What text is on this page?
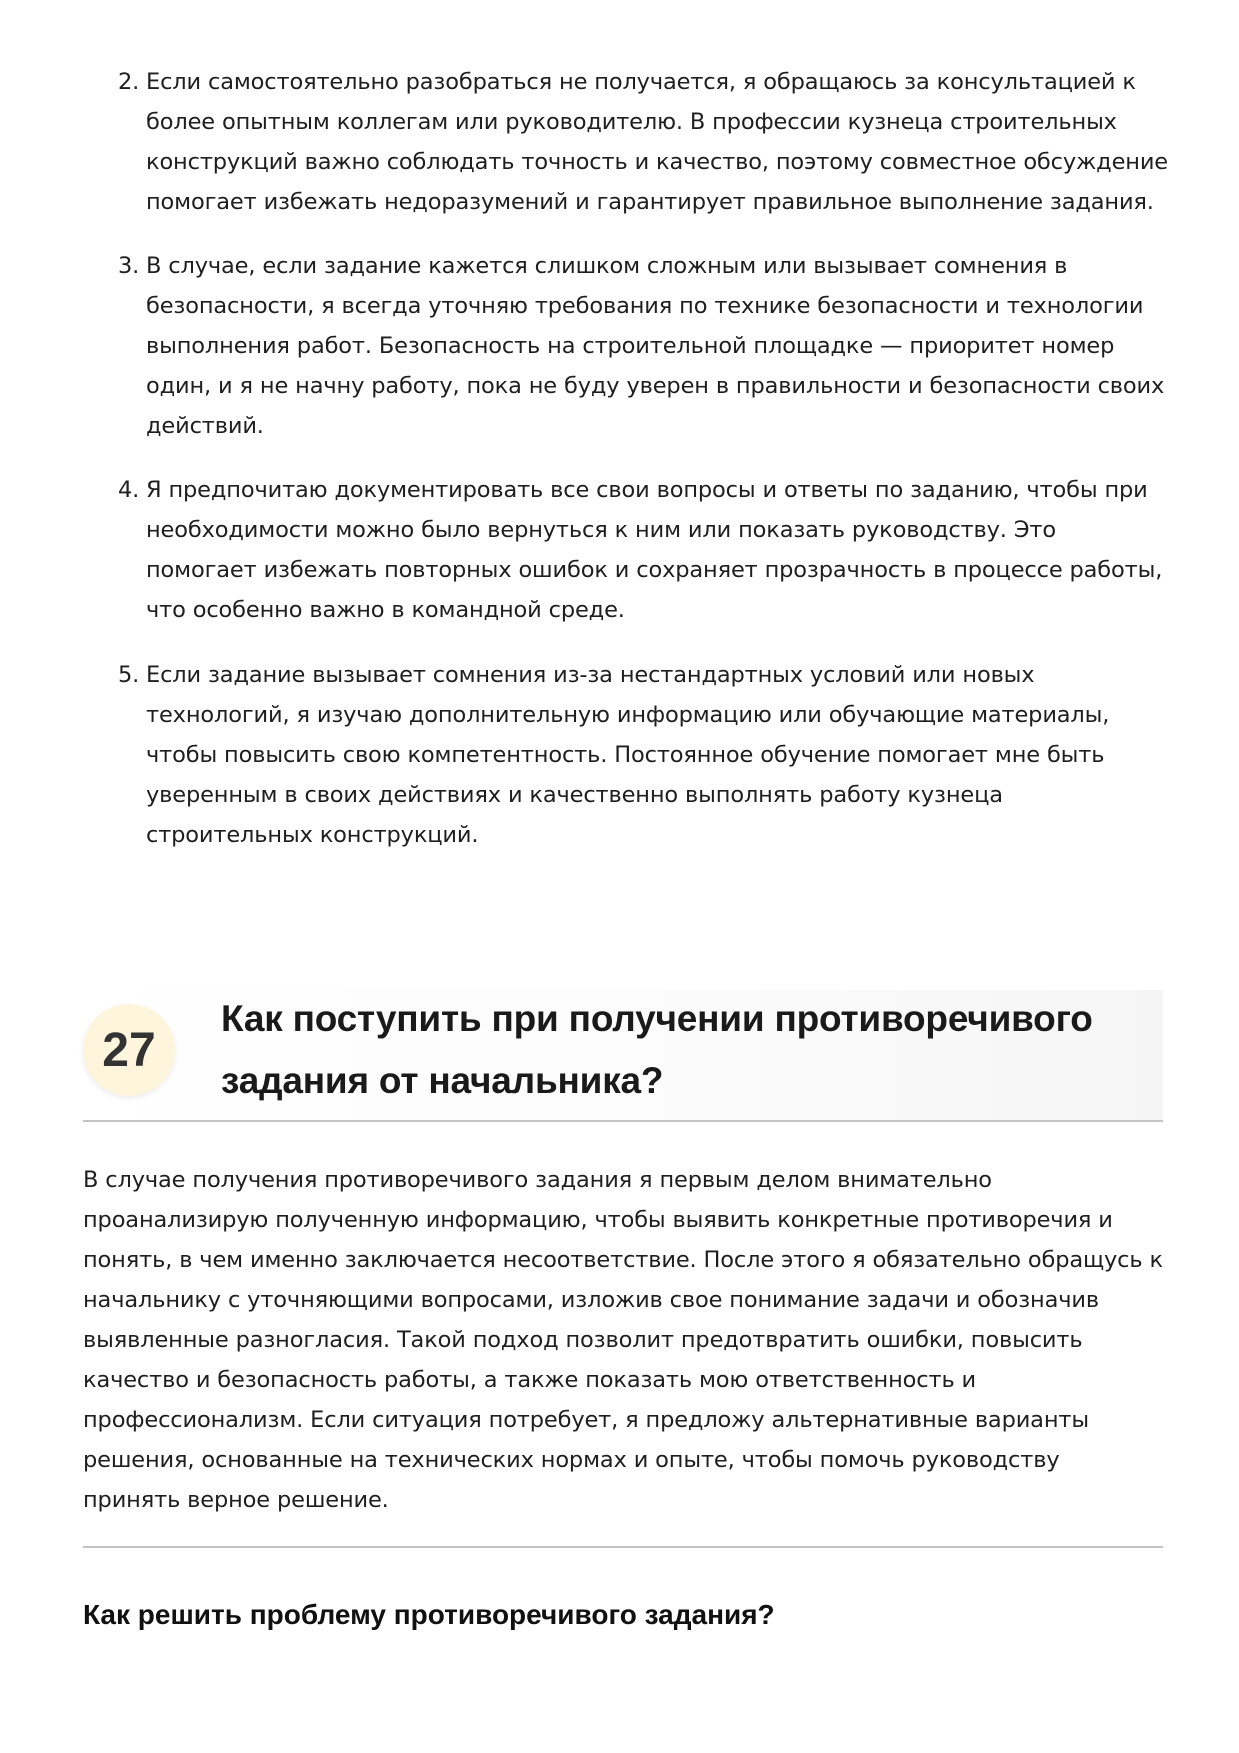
2. Если самостоятельно разобраться не получается, я обращаюсь за консультацией к более опытным коллегам или руководителю. В профессии кузнеца строительных конструкций важно соблюдать точность и качество, поэтому совместное обсуждение помогает избежать недоразумений и гарантирует правильное выполнение задания.
3. В случае, если задание кажется слишком сложным или вызывает сомнения в безопасности, я всегда уточняю требования по технике безопасности и технологии выполнения работ. Безопасность на строительной площадке — приоритет номер один, и я не начну работу, пока не буду уверен в правильности и безопасности своих действий.
4. Я предпочитаю документировать все свои вопросы и ответы по заданию, чтобы при необходимости можно было вернуться к ним или показать руководству. Это помогает избежать повторных ошибок и сохраняет прозрачность в процессе работы, что особенно важно в командной среде.
5. Если задание вызывает сомнения из-за нестандартных условий или новых технологий, я изучаю дополнительную информацию или обучающие материалы, чтобы повысить свою компетентность. Постоянное обучение помогает мне быть уверенным в своих действиях и качественно выполнять работу кузнеца строительных конструкций.
27
Как поступить при получении противоречивого задания от начальника?

В случае получения противоречивого задания я первым делом внимательно проанализирую полученную информацию, чтобы выявить конкретные противоречия и понять, в чем именно заключается несоответствие. После этого я обязательно обращусь к начальнику с уточняющими вопросами, изложив свое понимание задачи и обозначив выявленные разногласия. Такой подход позволит предотвратить ошибки, повысить качество и безопасность работы, а также показать мою ответственность и профессионализм. Если ситуация потребует, я предложу альтернативные варианты решения, основанные на технических нормах и опыте, чтобы помочь руководству принять верное решение.

Как решить проблему противоречивого задания?
